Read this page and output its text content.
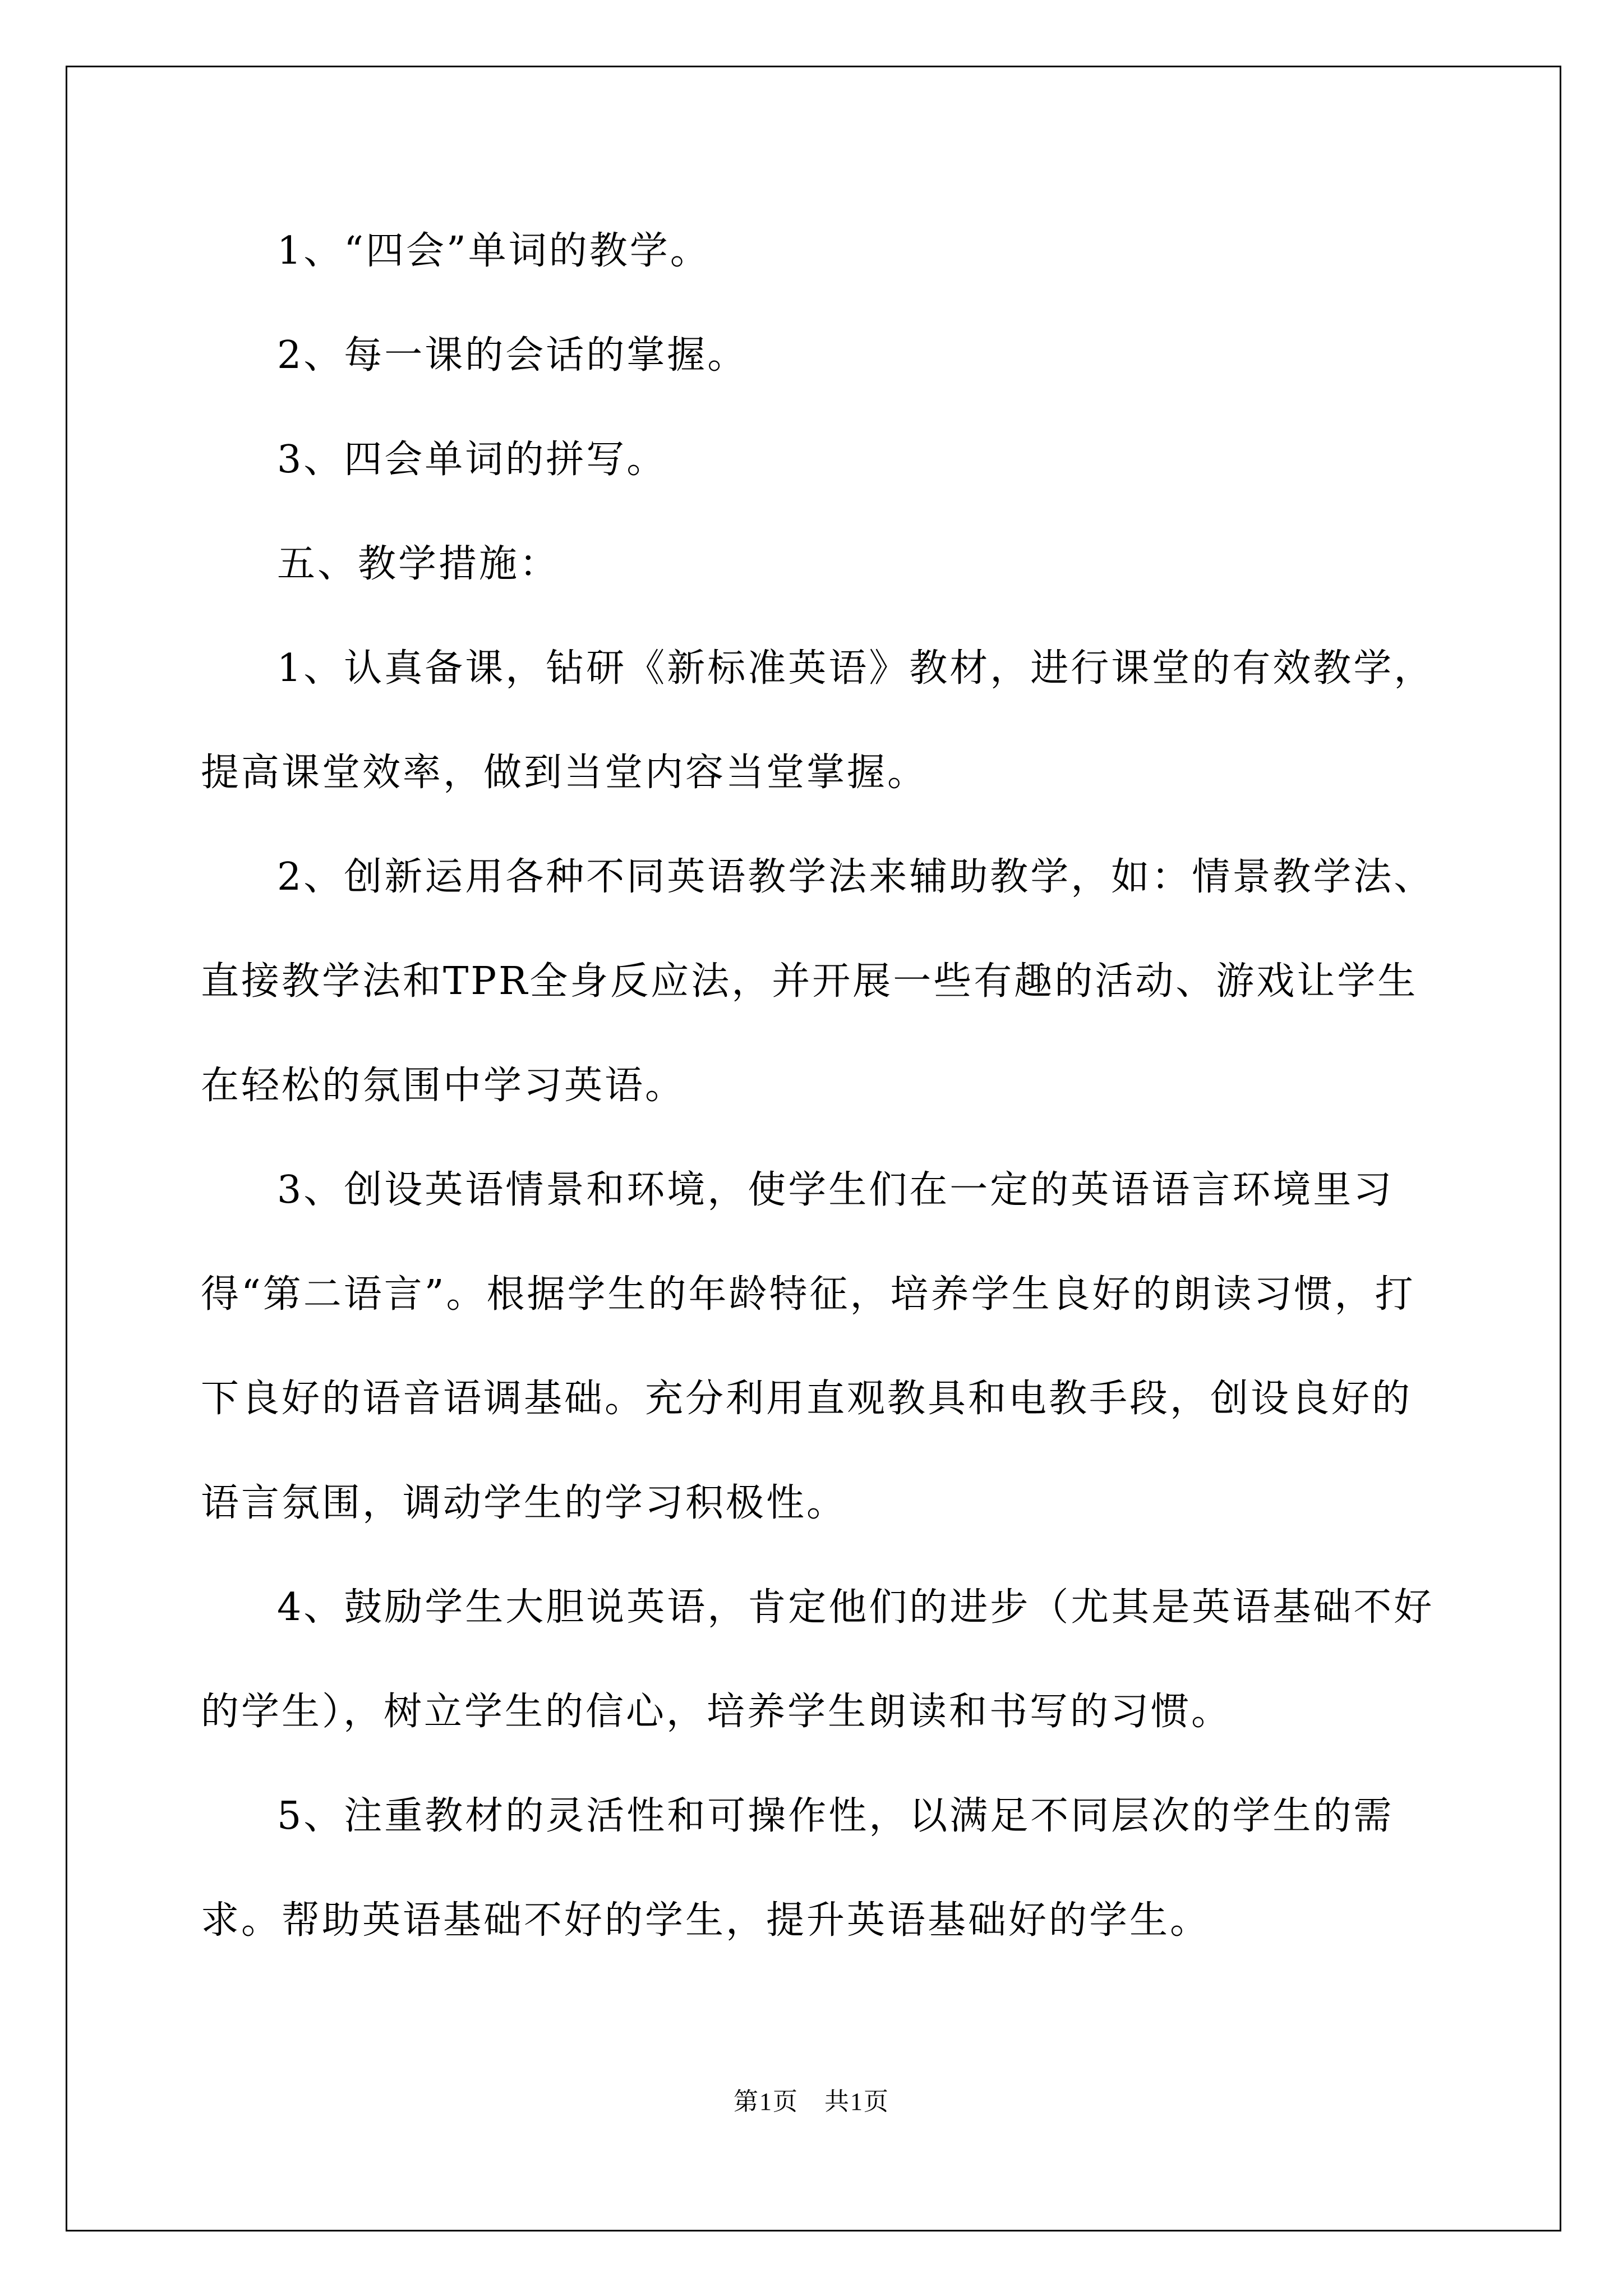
1、“四会”单词的教学。

2、每一课的会话的掌握。

3、四会单词的拼写。

五、教学措施：

1、认真备课，钻研《新标准英语》教材，进行课堂的有效教学，提高课堂效率，做到当堂内容当堂掌握。

2、创新运用各种不同英语教学法来辅助教学，如：情景教学法、直接教学法和TPR全身反应法，并开展一些有趣的活动、游戏让学生在轻松的氛围中学习英语。

3、创设英语情景和环境，使学生们在一定的英语语言环境里习得“第二语言”。根据学生的年龄特征，培养学生良好的朗读习惯，打下良好的语音语调基础。充分利用直观教具和电教手段，创设良好的语言氛围，调动学生的学习积极性。

4、鼓励学生大胆说英语，肯定他们的进步（尤其是英语基础不好的学生），树立学生的信心，培养学生朗读和书写的习惯。

5、注重教材的灵活性和可操作性，以满足不同层次的学生的需求。帮助英语基础不好的学生，提升英语基础好的学生。

第1页　共1页
